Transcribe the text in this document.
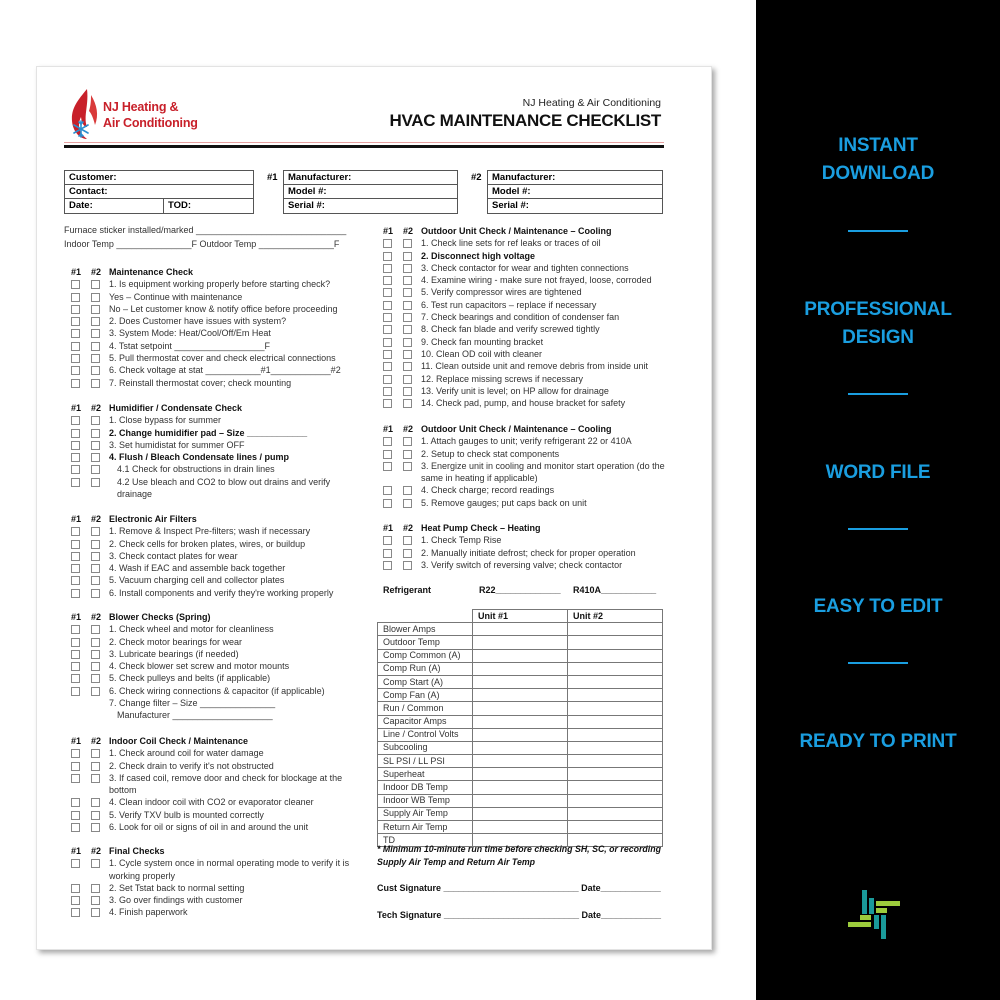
NJ Heating &
Air Conditioning
NJ Heating & Air Conditioning
HVAC MAINTENANCE CHECKLIST
Customer:
Contact:
Date:	TOD:
#1	Manufacturer:
Model #:
Serial #:
#2	Manufacturer:
Model #:
Serial #:
Furnace sticker installed/marked ______________________________
Indoor Temp _______________F Outdoor Temp _______________F
#1 #2 Maintenance Check
1. Is equipment working properly before starting check?
Yes – Continue with maintenance
No – Let customer know & notify office before proceeding
2. Does Customer have issues with system?
3. System Mode: Heat/Cool/Off/Em Heat
4. Tstat setpoint __________________F
5. Pull thermostat cover and check electrical connections
6. Check voltage at stat ___________#1____________#2
7. Reinstall thermostat cover; check mounting
#1 #2 Humidifier / Condensate Check
1. Close bypass for summer
2. Change humidifier pad – Size ____________
3. Set humidistat for summer OFF
4. Flush / Bleach Condensate lines / pump
4.1 Check for obstructions in drain lines
4.2 Use bleach and CO2 to blow out drains and verify drainage
#1 #2 Electronic Air Filters
1. Remove & Inspect Pre-filters; wash if necessary
2. Check cells for broken plates, wires, or buildup
3. Check contact plates for wear
4. Wash if EAC and assemble back together
5. Vacuum charging cell and collector plates
6. Install components and verify they're working properly
#1 #2 Blower Checks (Spring)
1. Check wheel and motor for cleanliness
2. Check motor bearings for wear
3. Lubricate bearings (if needed)
4. Check blower set screw and motor mounts
5. Check pulleys and belts (if applicable)
6. Check wiring connections & capacitor (if applicable)
7. Change filter – Size _______________
Manufacturer ____________________
#1 #2 Indoor Coil Check / Maintenance
1. Check around coil for water damage
2. Check drain to verify it's not obstructed
3. If cased coil, remove door and check for blockage at the bottom
4. Clean indoor coil with CO2 or evaporator cleaner
5. Verify TXV bulb is mounted correctly
6. Look for oil or signs of oil in and around the unit
#1 #2 Final Checks
1. Cycle system once in normal operating mode to verify it is working properly
2. Set Tstat back to normal setting
3. Go over findings with customer
4. Finish paperwork
#1 #2 Outdoor Unit Check / Maintenance – Cooling
1. Check line sets for ref leaks or traces of oil
2. Disconnect high voltage
3. Check contactor for wear and tighten connections
4. Examine wiring - make sure not frayed, loose, corroded
5. Verify compressor wires are tightened
6. Test run capacitors – replace if necessary
7. Check bearings and condition of condenser fan
8. Check fan blade and verify screwed tightly
9. Check fan mounting bracket
10. Clean OD coil with cleaner
11. Clean outside unit and remove debris from inside unit
12. Replace missing screws if necessary
13. Verify unit is level; on HP allow for drainage
14. Check pad, pump, and house bracket for safety
#1 #2 Outdoor Unit Check / Maintenance – Cooling
1. Attach gauges to unit; verify refrigerant 22 or 410A
2. Setup to check stat components
3. Energize unit in cooling and monitor start operation (do the same in heating if applicable)
4. Check charge; record readings
5. Remove gauges; put caps back on unit
#1 #2 Heat Pump Check – Heating
1. Check Temp Rise
2. Manually initiate defrost; check for proper operation
3. Verify switch of reversing valve; check contactor
Refrigerant	R22_____________ R410A___________
	Unit #1	Unit #2
Blower Amps		
Outdoor Temp		
Comp Common (A)		
Comp Run (A)		
Comp Start (A)		
Comp Fan (A)		
Run / Common		
Capacitor Amps		
Line / Control Volts		
Subcooling		
SL PSI / LL PSI		
Superheat		
Indoor DB Temp		
Indoor WB Temp		
Supply Air Temp		
Return Air Temp		
TD		
* Minimum 10-minute run time before checking SH, SC, or recording Supply Air Temp and Return Air Temp
Cust Signature ___________________________ Date____________
Tech Signature ___________________________ Date____________
INSTANT
DOWNLOAD
PROFESSIONAL
DESIGN
WORD FILE
EASY TO EDIT
READY TO PRINT
